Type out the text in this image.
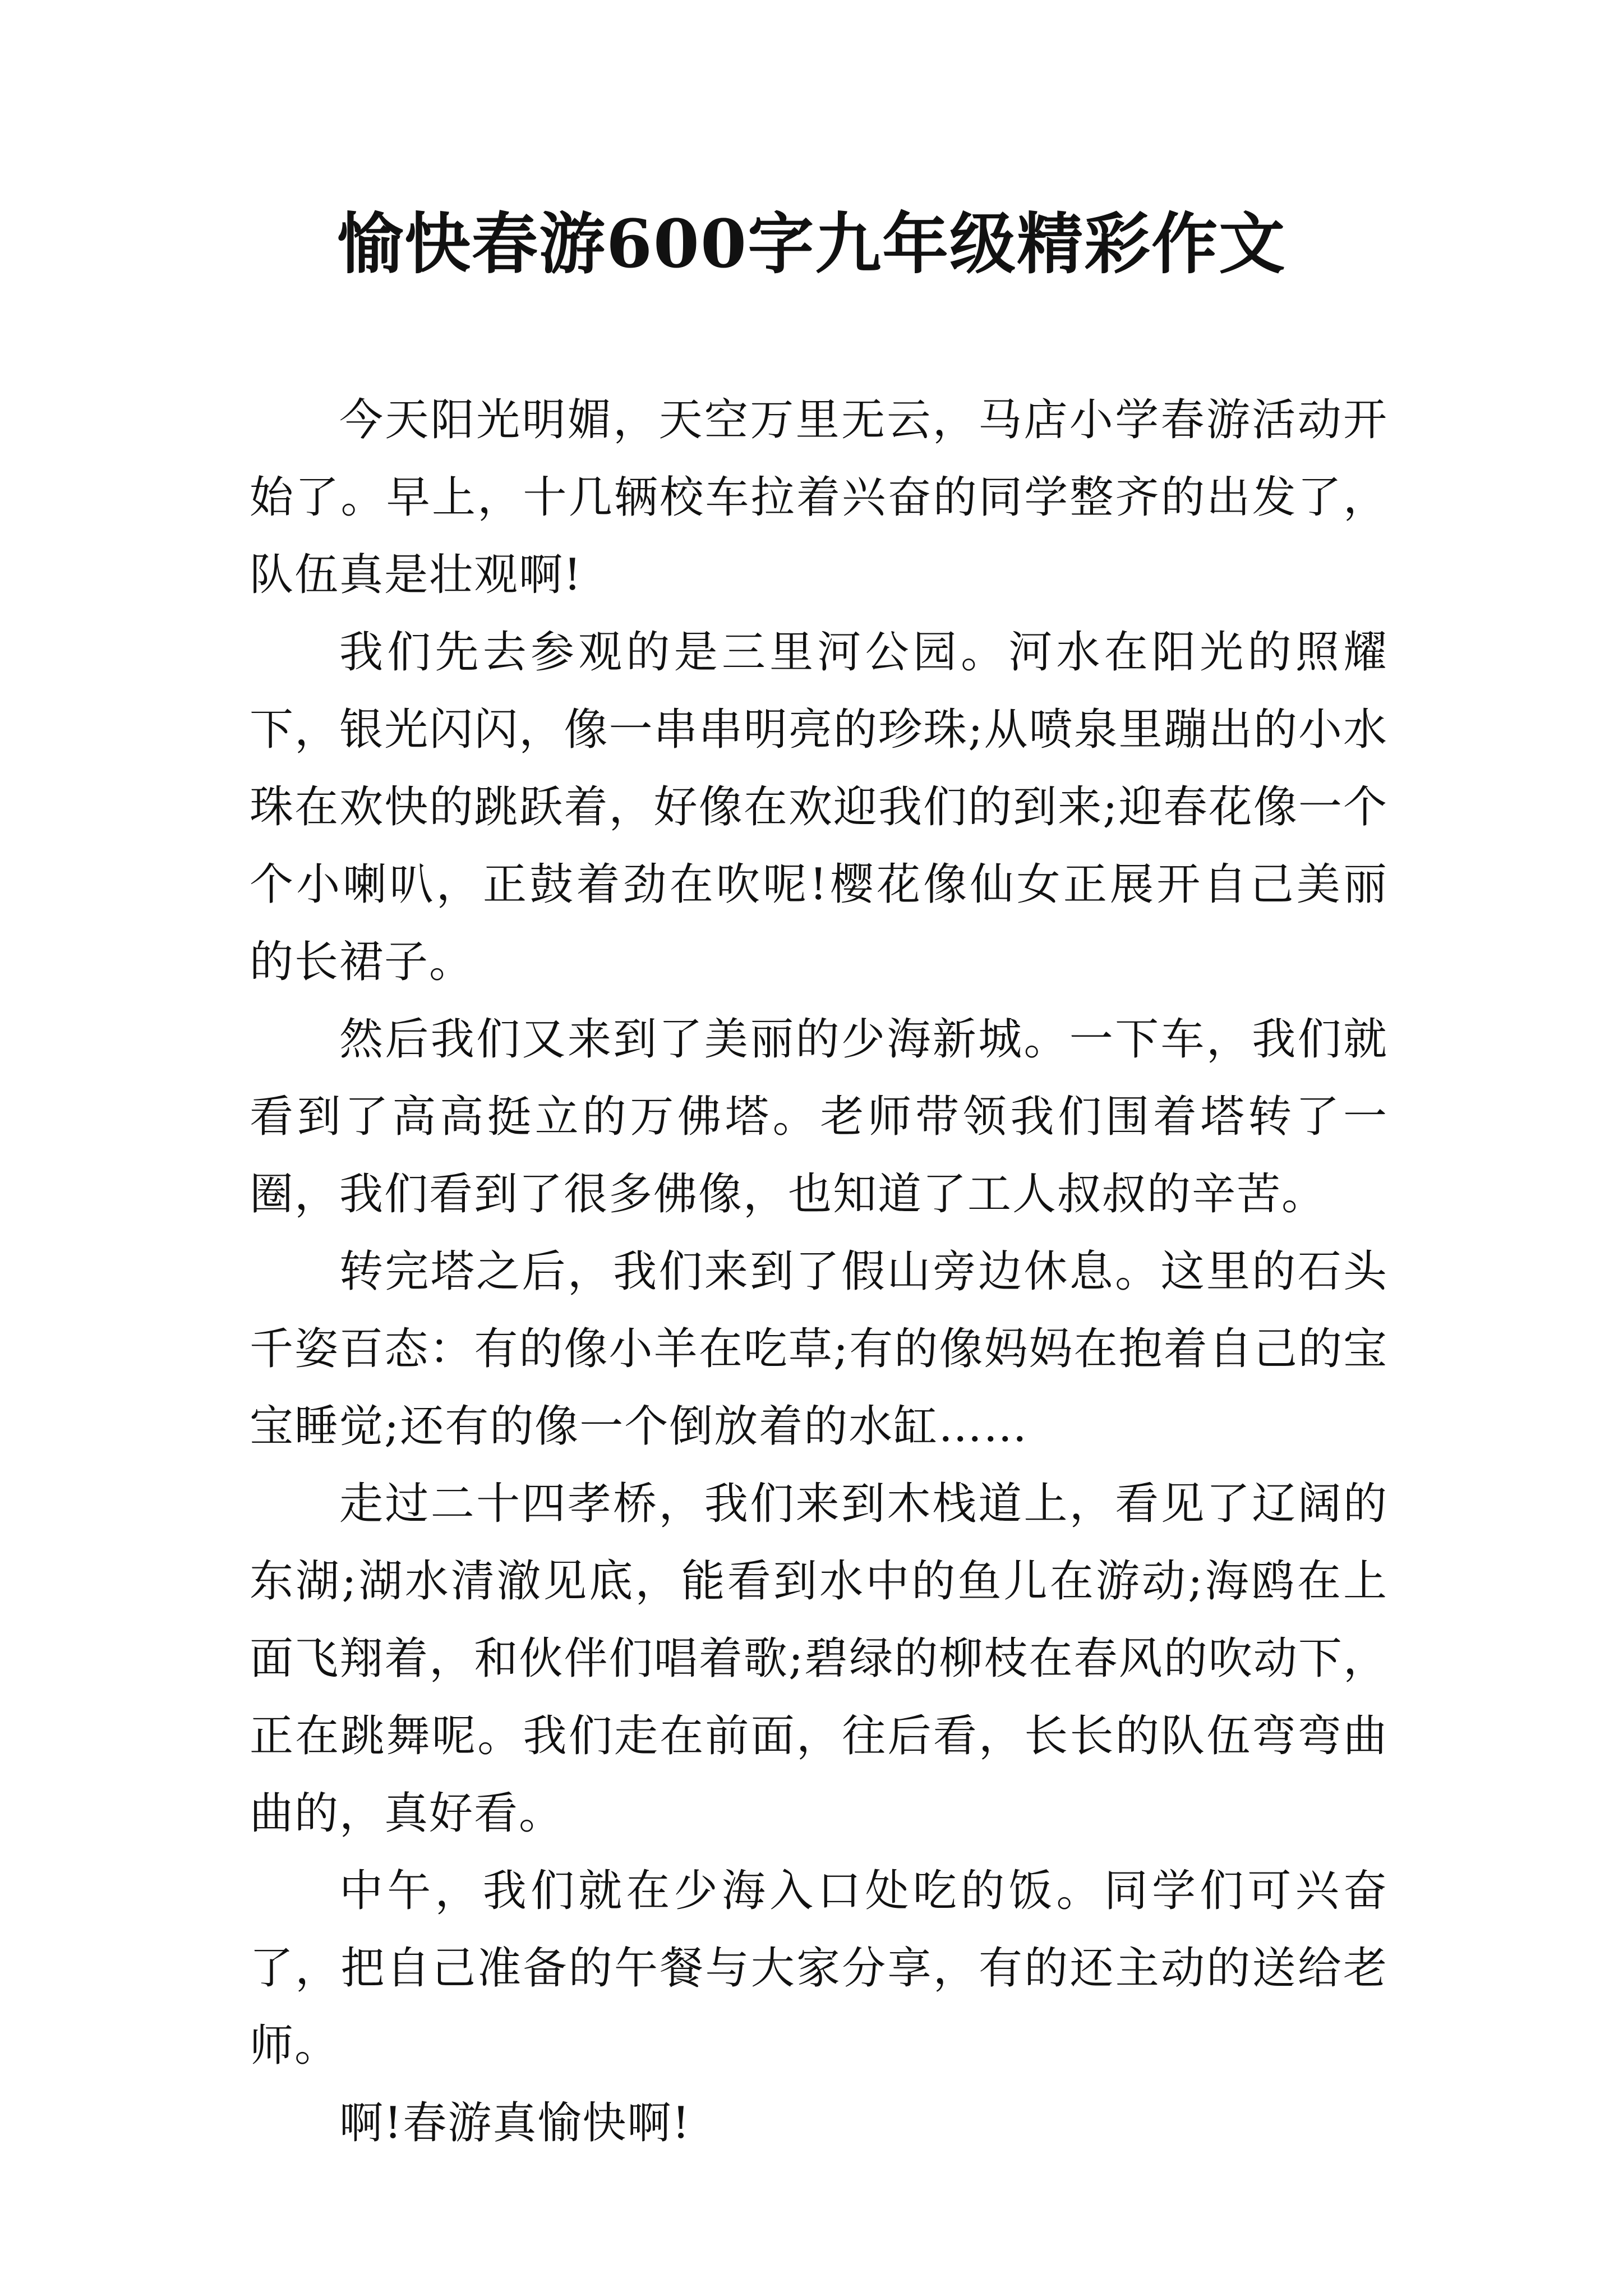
愉快春游600字九年级精彩作文

今天阳光明媚，天空万里无云，马店小学春游活动开始了。早上，十几辆校车拉着兴奋的同学整齐的出发了，队伍真是壮观啊!

我们先去参观的是三里河公园。河水在阳光的照耀下，银光闪闪，像一串串明亮的珍珠;从喷泉里蹦出的小水珠在欢快的跳跃着，好像在欢迎我们的到来;迎春花像一个个小喇叭，正鼓着劲在吹呢!樱花像仙女正展开自己美丽的长裙子。

然后我们又来到了美丽的少海新城。一下车，我们就看到了高高挺立的万佛塔。老师带领我们围着塔转了一圈，我们看到了很多佛像，也知道了工人叔叔的辛苦。

转完塔之后，我们来到了假山旁边休息。这里的石头千姿百态：有的像小羊在吃草;有的像妈妈在抱着自己的宝宝睡觉;还有的像一个倒放着的水缸……

走过二十四孝桥，我们来到木栈道上，看见了辽阔的东湖;湖水清澈见底，能看到水中的鱼儿在游动;海鸥在上面飞翔着，和伙伴们唱着歌;碧绿的柳枝在春风的吹动下，正在跳舞呢。我们走在前面，往后看，长长的队伍弯弯曲曲的，真好看。

中午，我们就在少海入口处吃的饭。同学们可兴奋了，把自己准备的午餐与大家分享，有的还主动的送给老师。

啊!春游真愉快啊!
